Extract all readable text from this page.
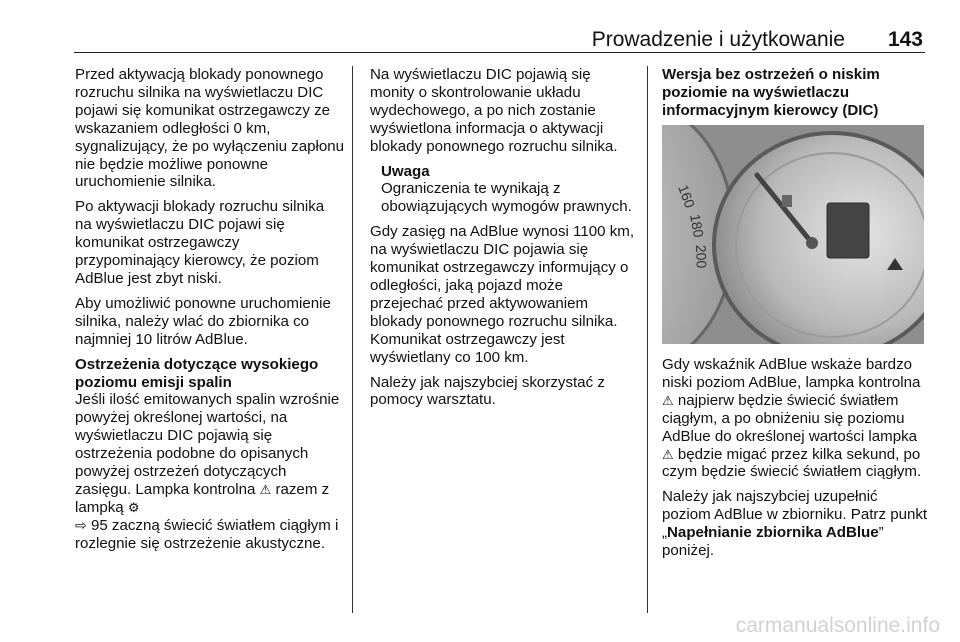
Prowadzenie i użytkowanie 143

Przed aktywacją blokady ponownego rozruchu silnika na wyświetlaczu DIC pojawi się komunikat ostrzegawczy ze wskazaniem odległości 0 km, sygnalizujący, że po wyłączeniu zapłonu nie będzie możliwe ponowne uruchomienie silnika.

Po aktywacji blokady rozruchu silnika na wyświetlaczu DIC pojawi się komunikat ostrzegawczy przypominający kierowcy, że poziom AdBlue jest zbyt niski.

Aby umożliwić ponowne uruchomienie silnika, należy wlać do zbiornika co najmniej 10 litrów AdBlue.

Ostrzeżenia dotyczące wysokiego poziomu emisji spalin

Jeśli ilość emitowanych spalin wzrośnie powyżej określonej wartości, na wyświetlaczu DIC pojawią się ostrzeżenia podobne do opisanych powyżej ostrzeżeń dotyczących zasięgu. Lampka kontrolna ⚠ razem z lampką ⚙
⇨ 95 zaczną świecić światłem ciągłym i rozlegnie się ostrzeżenie akustyczne.

Na wyświetlaczu DIC pojawią się monity o skontrolowanie układu wydechowego, a po nich zostanie wyświetlona informacja o aktywacji blokady ponownego rozruchu silnika.

Uwaga
Ograniczenia te wynikają z obowiązujących wymogów prawnych.

Gdy zasięg na AdBlue wynosi 1100 km, na wyświetlaczu DIC pojawia się komunikat ostrzegawczy informujący o odległości, jaką pojazd może przejechać przed aktywowaniem blokady ponownego rozruchu silnika. Komunikat ostrzegawczy jest wyświetlany co 100 km.

Należy jak najszybciej skorzystać z pomocy warsztatu.

Wersja bez ostrzeżeń o niskim poziomie na wyświetlaczu informacyjnym kierowcy (DIC)
160
180
200

Gdy wskaźnik AdBlue wskaże bardzo niski poziom AdBlue, lampka kontrolna ⚠ najpierw będzie świecić światłem ciągłym, a po obniżeniu się poziomu AdBlue do określonej wartości lampka ⚠ będzie migać przez kilka sekund, po czym będzie świecić światłem ciągłym.

Należy jak najszybciej uzupełnić poziom AdBlue w zbiorniku. Patrz punkt „Napełnianie zbiornika AdBlue” poniżej.

carmanualsonline.info
